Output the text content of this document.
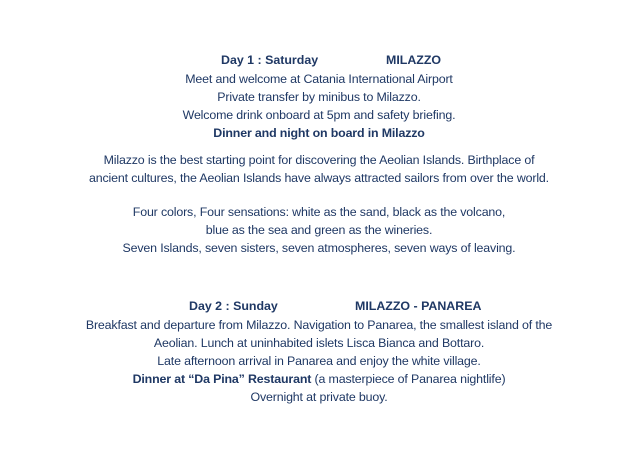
Day 1 : Saturday	MILAZZO
Meet and welcome at Catania International Airport
Private transfer by minibus to Milazzo.
Welcome drink onboard at 5pm and safety briefing.
Dinner and night on board in Milazzo
Milazzo is the best starting point for discovering the Aeolian Islands. Birthplace of
ancient cultures, the Aeolian Islands have always attracted sailors from over the world.
Four colors, Four sensations: white as the sand, black as the volcano,
blue as the sea and green as the wineries.
Seven Islands, seven sisters, seven atmospheres, seven ways of leaving.
Day 2 : Sunday	MILAZZO - PANAREA
Breakfast and departure from Milazzo. Navigation to Panarea, the smallest island of the
Aeolian. Lunch at uninhabited islets Lisca Bianca and Bottaro.
Late afternoon arrival in Panarea and enjoy the white village.
Dinner at “Da Pina” Restaurant (a masterpiece of Panarea nightlife)
Overnight at private buoy.
